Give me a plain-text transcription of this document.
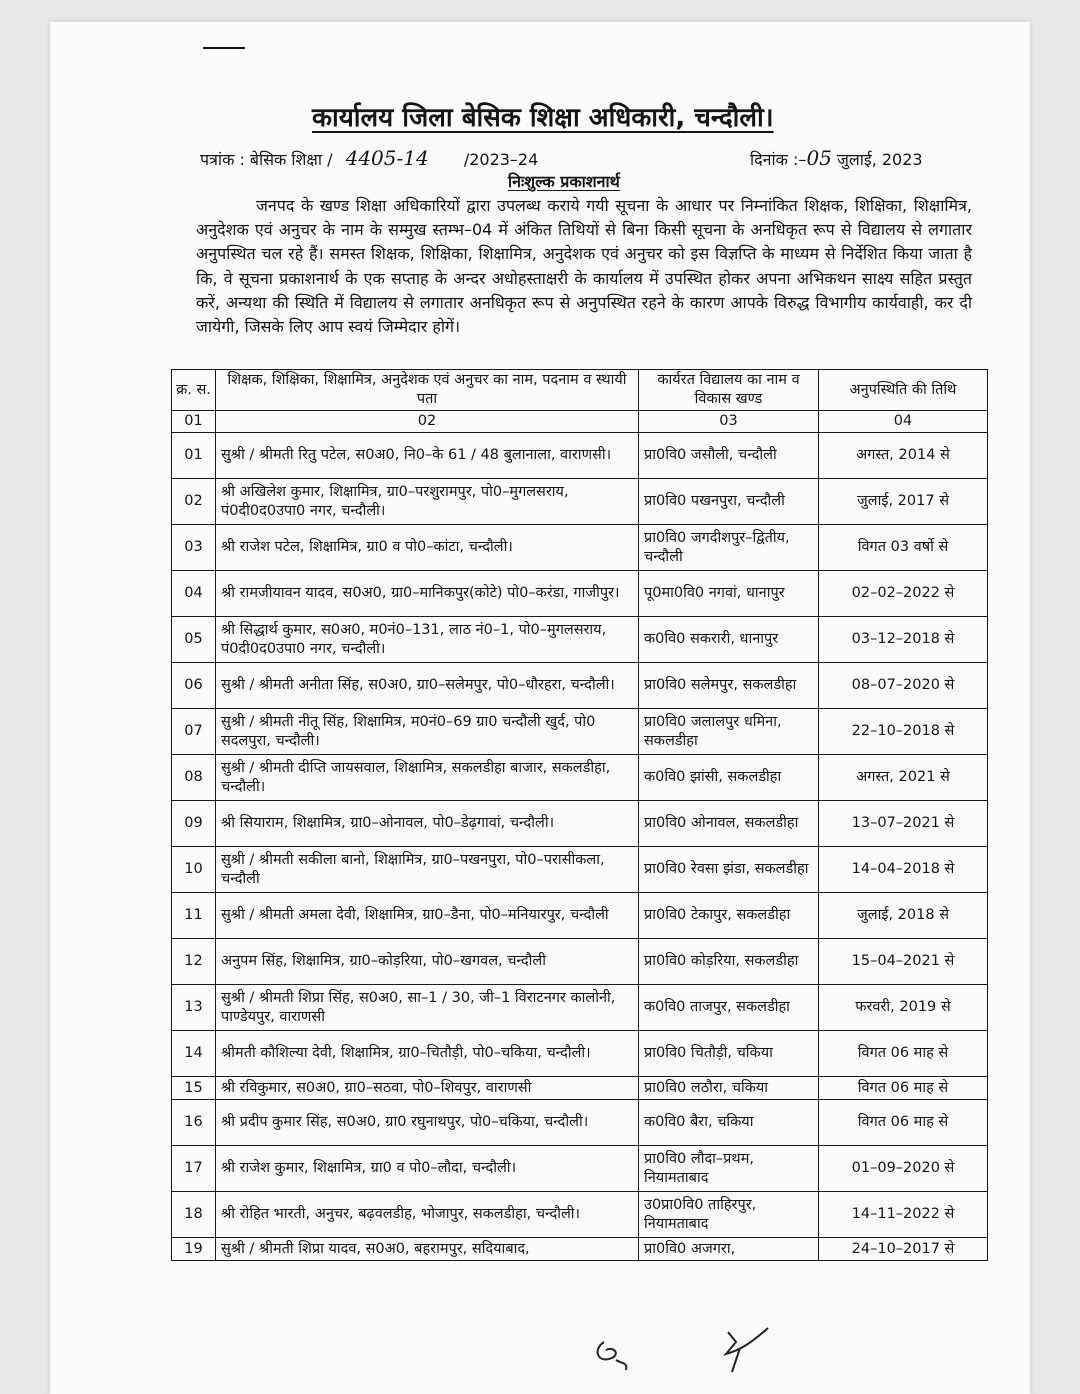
कार्यालय जिला बेसिक शिक्षा अधिकारी, चन्दौली।
पत्रांक : बेसिक शिक्षा / 4405-14 /2023–24	दिनांक :–05 जुलाई, 2023
निःशुल्क प्रकाशनार्थ
जनपद के खण्ड शिक्षा अधिकारियों द्वारा उपलब्ध कराये गयी सूचना के आधार पर निम्नांकित शिक्षक, शिक्षिका, शिक्षामित्र, अनुदेशक एवं अनुचर के नाम के सम्मुख स्तम्भ–04 में अंकित तिथियों से बिना किसी सूचना के अनधिकृत रूप से विद्यालय से लगातार अनुपस्थित चल रहे हैं। समस्त शिक्षक, शिक्षिका, शिक्षामित्र, अनुदेशक एवं अनुचर को इस विज्ञप्ति के माध्यम से निर्देशित किया जाता है कि, वे सूचना प्रकाशनार्थ के एक सप्ताह के अन्दर अधोहस्ताक्षरी के कार्यालय में उपस्थित होकर अपना अभिकथन साक्ष्य सहित प्रस्तुत करें, अन्यथा की स्थिति में विद्यालय से लगातार अनधिकृत रूप से अनुपस्थित रहने के कारण आपके विरुद्ध विभागीय कार्यवाही, कर दी जायेगी, जिसके लिए आप स्वयं जिम्मेदार होगें।
क्र. स.	शिक्षक, शिक्षिका, शिक्षामित्र, अनुदेशक एवं अनुचर का नाम, पदनाम व स्थायी पता	कार्यरत विद्यालय का नाम व विकास खण्ड	अनुपस्थिति की तिथि
01	02	03	04
01	सुश्री / श्रीमती रितु पटेल, स0अ0, नि0–के 61 / 48 बुलानाला, वाराणसी।	प्रा0वि0 जसौली, चन्दौली	अगस्त, 2014 से
02	श्री अखिलेश कुमार, शिक्षामित्र, ग्रा0–परशुरामपुर, पो0–मुगलसराय, पं0दी0द0उपा0 नगर, चन्दौली।	प्रा0वि0 पखनपुरा, चन्दौली	जुलाई, 2017 से
03	श्री राजेश पटेल, शिक्षामित्र, ग्रा0 व पो0–कांटा, चन्दौली।	प्रा0वि0 जगदीशपुर–द्वितीय, चन्दौली	विगत 03 वर्षो से
04	श्री रामजीयावन यादव, स0अ0, ग्रा0–मानिकपुर(कोटे) पो0–करंडा, गाजीपुर।	पू0मा0वि0 नगवां, धानापुर	02–02–2022 से
05	श्री सिद्धार्थ कुमार, स0अ0, म0नं0–131, लाठ नं0–1, पो0–मुगलसराय, पं0दी0द0उपा0 नगर, चन्दौली।	क0वि0 सकरारी, धानापुर	03–12–2018 से
06	सुश्री / श्रीमती अनीता सिंह, स0अ0, ग्रा0–सलेमपुर, पो0–धौरहरा, चन्दौली।	प्रा0वि0 सलेमपुर, सकलडीहा	08–07–2020 से
07	सुश्री / श्रीमती नीतू सिंह, शिक्षामित्र, म0नं0–69 ग्रा0 चन्दौली खुर्द, पो0 सदलपुरा, चन्दौली।	प्रा0वि0 जलालपुर धमिना, सकलडीहा	22–10–2018 से
08	सुश्री / श्रीमती दीप्ति जायसवाल, शिक्षामित्र, सकलडीहा बाजार, सकलडीहा, चन्दौली।	क0वि0 झांसी, सकलडीहा	अगस्त, 2021 से
09	श्री सियाराम, शिक्षामित्र, ग्रा0–ओनावल, पो0–डेढ़गावां, चन्दौली।	प्रा0वि0 ओनावल, सकलडीहा	13–07–2021 से
10	सुश्री / श्रीमती सकीला बानो, शिक्षामित्र, ग्रा0–पखनपुरा, पो0–परासीकला, चन्दौली	प्रा0वि0 रेवसा झंडा, सकलडीहा	14–04–2018 से
11	सुश्री / श्रीमती अमला देवी, शिक्षामित्र, ग्रा0–डैना, पो0–मनियारपुर, चन्दौली	प्रा0वि0 टेकापुर, सकलडीहा	जुलाई, 2018 से
12	अनुपम सिंह, शिक्षामित्र, ग्रा0–कोड़रिया, पो0–खगवल, चन्दौली	प्रा0वि0 कोड़रिया, सकलडीहा	15–04–2021 से
13	सुश्री / श्रीमती शिप्रा सिंह, स0अ0, सा–1 / 30, जी–1 विराटनगर कालोनी, पाण्डेयपुर, वाराणसी	क0वि0 ताजपुर, सकलडीहा	फरवरी, 2019 से
14	श्रीमती कौशिल्या देवी, शिक्षामित्र, ग्रा0–चितौड़ी, पो0–चकिया, चन्दौली।	प्रा0वि0 चितौड़ी, चकिया	विगत 06 माह से
15	श्री रविकुमार, स0अ0, ग्रा0–सठवा, पो0–शिवपुर, वाराणसी	प्रा0वि0 लठौरा, चकिया	विगत 06 माह से
16	श्री प्रदीप कुमार सिंह, स0अ0, ग्रा0 रघुनाथपुर, पो0–चकिया, चन्दौली।	क0वि0 बैरा, चकिया	विगत 06 माह से
17	श्री राजेश कुमार, शिक्षामित्र, ग्रा0 व पो0–लौदा, चन्दौली।	प्रा0वि0 लौदा–प्रथम, नियामताबाद	01–09–2020 से
18	श्री रोहित भारती, अनुचर, बढ़वलडीह, भोजापुर, सकलडीहा, चन्दौली।	उ0प्रा0वि0 ताहिरपुर, नियामताबाद	14–11–2022 से
19	सुश्री / श्रीमती शिप्रा यादव, स0अ0, बहरामपुर, सदियाबाद,	प्रा0वि0 अजगरा,	24–10–2017 से
